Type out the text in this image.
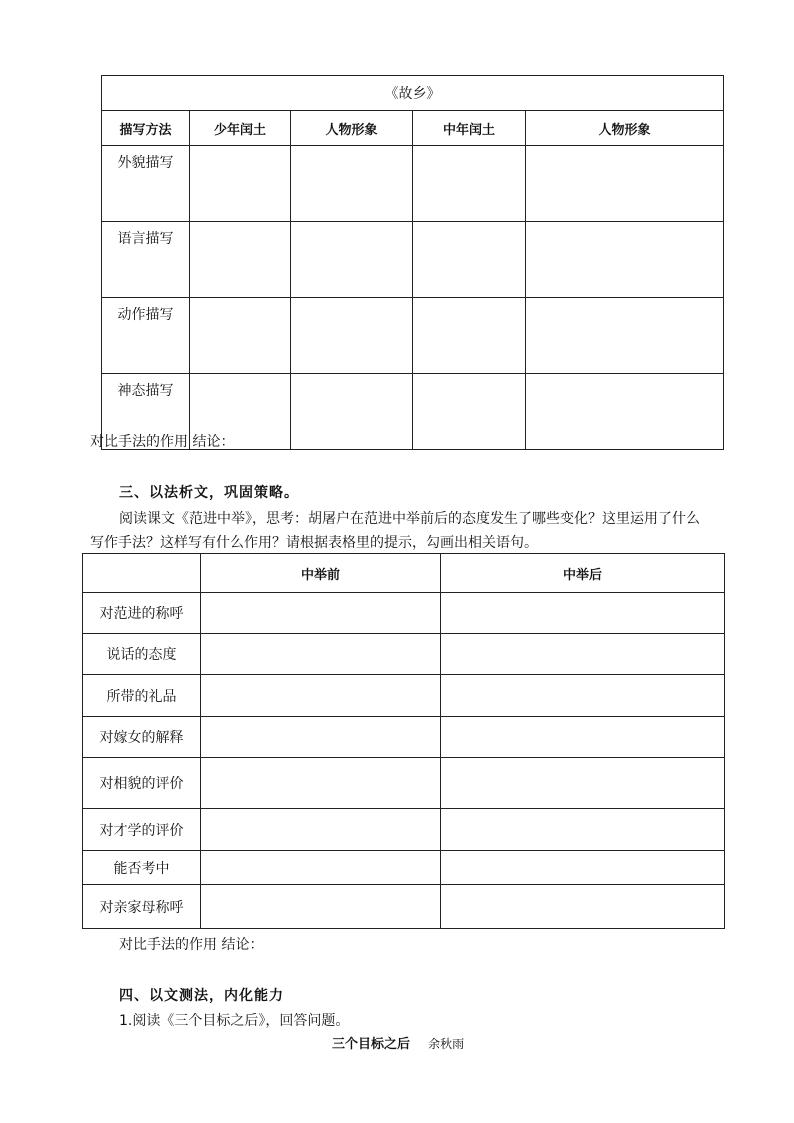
《故乡》				
描写方法	少年闰土	人物形象	中年闰土	人物形象
外貌描写				
语言描写				
动作描写				
神态描写				
对比手法的作用 结论：
三、以法析文，巩固策略。
阅读课文《范进中举》，思考：胡屠户在范进中举前后的态度发生了哪些变化？这里运用了什么
写作手法？这样写有什么作用？请根据表格里的提示，勾画出相关语句。
	中举前	中举后
对范进的称呼		
说话的态度		
所带的礼品		
对嫁女的解释		
对相貌的评价		
对才学的评价		
能否考中		
对亲家母称呼		
对比手法的作用 结论：
四、以文测法，内化能力
1.阅读《三个目标之后》，回答问题。
三个目标之后 余秋雨
